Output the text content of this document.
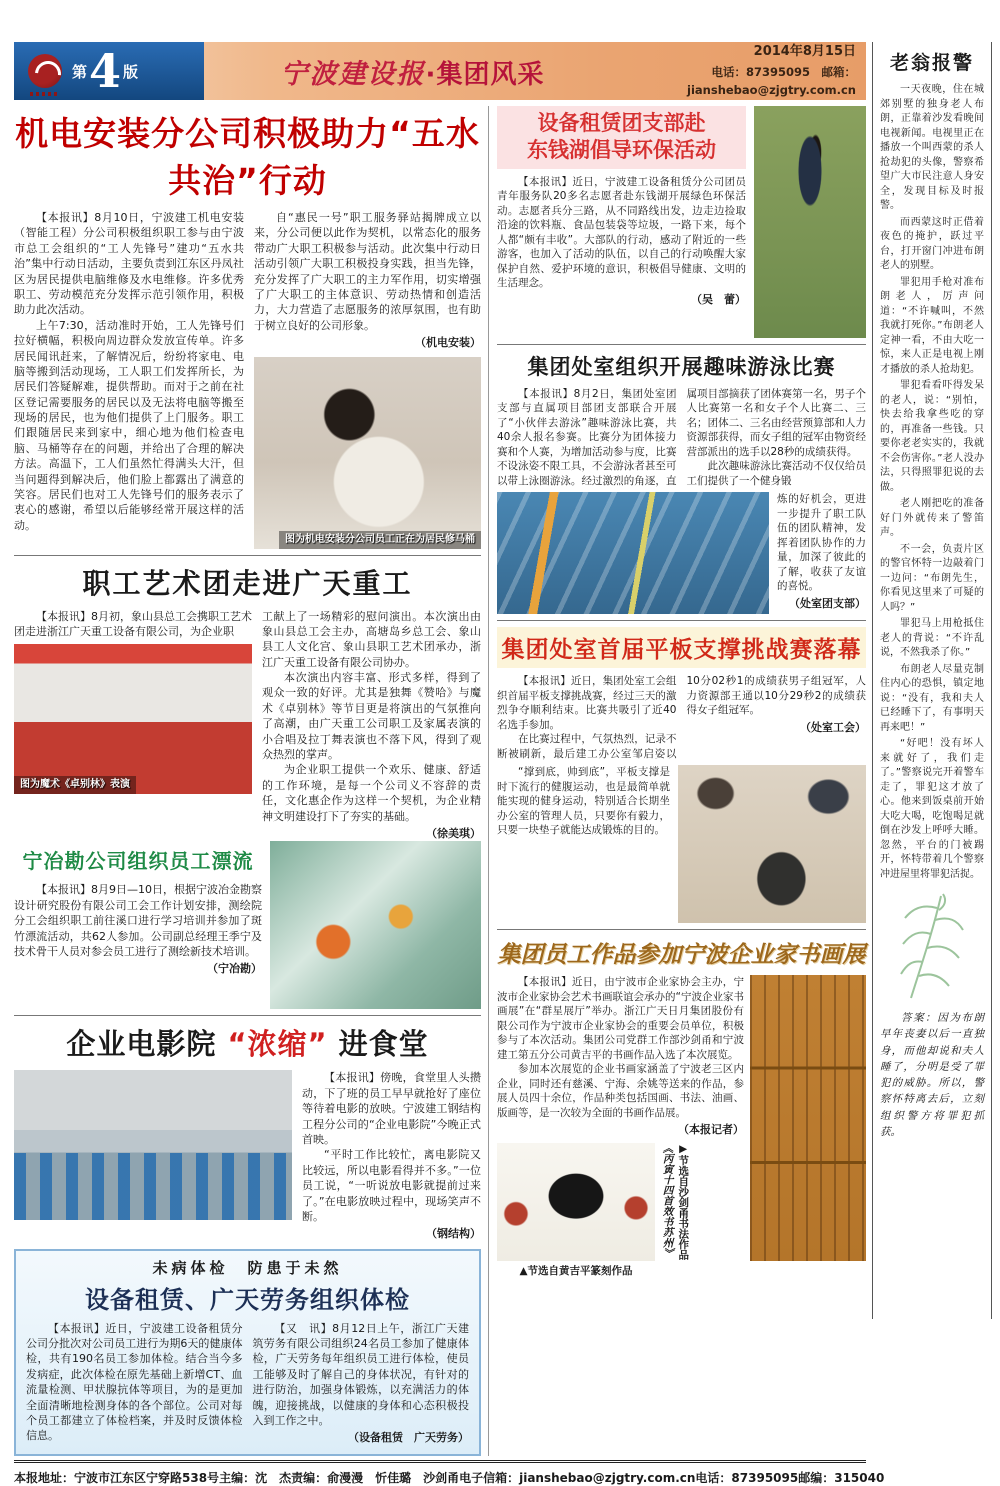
第 4 版	宁波建设报·集团风采
2014年8月15日
电话：87395095　 邮箱：jianshebao@zjgtry.com.cn
机电安装分公司积极助力“五水共治”行动

【本报讯】8月10日，宁波建工机电安装（智能工程）分公司积极组织职工参与由宁波市总工会组织的“工人先锋号”建功“五水共治”集中行动日活动，主要负责到江东区丹凤社区为居民提供电脑维修及水电维修。许多优秀职工、劳动模范充分发挥示范引领作用，积极助力此次活动。

上午7:30，活动准时开始，工人先锋号们拉好横幅，积极向周边群众发放宣传单。许多居民闻讯赶来，了解情况后，纷纷将家电、电脑等搬到活动现场，工人职工们发挥所长，为居民们答疑解难，提供帮助。而对于之前在社区登记需要服务的居民以及无法将电脑等搬至现场的居民，也为他们提供了上门服务。职工们跟随居民来到家中，细心地为他们检查电脑、马桶等存在的问题，并给出了合理的解决方法。高温下，工人们虽然忙得满头大汗，但当问题得到解决后，他们脸上都露出了满意的笑容。居民们也对工人先锋号们的服务表示了衷心的感谢，希望以后能够经常开展这样的活动。

自“惠民一号”职工服务驿站揭牌成立以来，分公司便以此作为契机，以常态化的服务带动广大职工积极参与活动。此次集中行动日活动引领广大职工积极投身实践，担当先锋，充分发挥了广大职工的主力军作用，切实增强了广大职工的主体意识、劳动热情和创造活力，大力营造了志愿服务的浓厚氛围，也有助于树立良好的公司形象。

（机电安装）
图为机电安装分公司员工正在为居民修马桶
职工艺术团走进广天重工

【本报讯】8月初，象山县总工会携职工艺术团走进浙江广天重工设备有限公司，为企业职

图为魔术《卓别林》表演

工献上了一场精彩的慰问演出。本次演出由象山县总工会主办，高塘岛乡总工会、象山县工人文化宫、象山县职工艺术团承办，浙江广天重工设备有限公司协办。

本次演出内容丰富、形式多样，得到了观众一致的好评。尤其是独舞《赞哈》与魔术《卓别林》等节目更是将演出的气氛推向了高潮，由广天重工公司职工及家属表演的小合唱及拉丁舞表演也不落下风，得到了观众热烈的掌声。

为企业职工提供一个欢乐、健康、舒适的工作环境，是每一个公司义不容辞的责任，文化惠企作为这样一个契机，为企业精神文明建设打下了夯实的基础。

（徐美琪）
宁冶勘公司组织员工漂流

【本报讯】8月9日—10日，根据宁波冶金勘察设计研究股份有限公司工会工作计划安排，测绘院分工会组织职工前往溪口进行学习培训并参加了斑竹漂流活动，共62人参加。公司副总经理王季宁及技术骨干人员对参会员工进行了测绘新技术培训。

（宁冶勘）
企业电影院 “浓缩” 进食堂

【本报讯】傍晚，食堂里人头攒动，下了班的员工早早就抢好了座位等待着电影的放映。宁波建工钢结构工程分公司的“企业电影院”今晚正式首映。

“平时工作比较忙，离电影院又比较远，所以电影看得并不多。”一位员工说，“一听说放电影就提前过来了。”在电影放映过程中，现场笑声不断。

（钢结构）

未病体检　防患于未然

设备租赁、广天劳务组织体检

【本报讯】近日，宁波建工设备租赁分公司分批次对公司员工进行为期6天的健康体检，共有190名员工参加体检。结合当今多发病症，此次体检在原先基础上新增CT、血流量检测、甲状腺抗体等项目，为的是更加全面清晰地检测身体的各个部位。公司对每个员工都建立了体检档案，并及时反馈体检信息。

【又　讯】8月12日上午，浙江广天建筑劳务有限公司组织24名员工参加了健康体检，广天劳务每年组织员工进行体检，使员工能够及时了解自己的身体状况，有针对的进行防治，加强身体锻炼，以充满活力的体魄，迎接挑战，以健康的身体和心态积极投入到工作之中。

（设备租赁　广天劳务）
设备租赁团支部赴
东钱湖倡导环保活动

【本报讯】近日，宁波建工设备租赁分公司团员青年服务队20多名志愿者赴东钱湖开展绿色环保活动。志愿者兵分三路，从不同路线出发，边走边捡取沿途的饮料瓶、食品包装袋等垃圾，一路下来，每个人都“颇有丰收”。大部队的行动，感动了附近的一些游客，也加入了活动的队伍，以自己的行动唤醒大家保护自然、爱护环境的意识，积极倡导健康、文明的生活理念。

（吴　蕾）
集团处室组织开展趣味游泳比赛

【本报讯】8月2日，集团处室团支部与直属项目部团支部联合开展了“小伙伴去游泳”趣味游泳比赛，共40余人报名参赛。比赛分为团体接力赛和个人赛，为增加活动参与度，比赛不设泳姿不限工具，不会游泳者甚至可以带上泳圈游泳。经过激烈的角逐，直属项目部摘获了团体赛第一名，男子个人比赛第一名和女子个人比赛二、三名；团体二、三名由经营预算部和人力资源部获得，而女子组的冠军由物资经营部派出的选手以28秒的成绩获得。

此次趣味游泳比赛活动不仅仅给员工们提供了一个健身锻

炼的好机会，更进一步提升了职工队伍的团队精神，发挥着团队协作的力量，加深了彼此的了解，收获了友谊的喜悦。

（处室团支部）
集团处室首届平板支撑挑战赛落幕

【本报讯】近日，集团处室工会组织首届平板支撑挑战赛，经过三天的激烈争夺顺利结束。比赛共吸引了近40名选手参加。

在比赛过程中，气氛热烈，记录不断被刷新，最后建工办公室邹启姿以10分02秒1的成绩获男子组冠军，人力资源部王通以10分29秒2的成绩获得女子组冠军。

（处室工会）

“撑到底，帅到底”，平板支撑是时下流行的健腹运动，也是最简单就能实现的健身运动，特别适合长期坐办公室的管理人员，只要你有毅力，只要一块垫子就能达成锻炼的目的。

集团员工作品参加宁波企业家书画展

【本报讯】近日，由宁波市企业家协会主办，宁波市企业家协会艺术书画联谊会承办的“宁波企业家书画展”在“群星展厅”举办。浙江广天日月集团股份有限公司作为宁波市企业家协会的重要会员单位，积极参与了本次活动。集团公司党群工作部沙剑甬和宁波建工第五分公司黄吉平的书画作品入选了本次展览。

参加本次展览的企业书画家涵盖了宁波老三区内企业，同时还有慈溪、宁海、余姚等送来的作品，参展人员四十余位，作品种类包括国画、书法、油画、版画等，是一次较为全面的书画作品展。

（本报记者）
▲节选自黄吉平篆刻作品
《丙寅十四首效书苏州》 ▶节选自沙剑甬书法作品
本报地址：宁波市江东区宁穿路538号 主编：沈　杰 责编：俞漫漫　忻佳璐　沙剑甬 电子信箱：jianshebao@zjgtry.com.cn 电话：87395095 邮编：315040
老翁报警

一天夜晚，住在城郊别墅的独身老人布朗，正靠着沙发看晚间电视新闻。电视里正在播放一个叫西蒙的杀人抢劫犯的头像，警察希望广大市民注意人身安全，发现目标及时报警。

而西蒙这时正借着夜色的掩护，跃过平台，打开窗门冲进布朗老人的别墅。

罪犯用手枪对准布朗老人，厉声问道：“不许喊叫，不然我就打死你。”布朗老人定神一看，不由大吃一惊，来人正是电视上刚才播放的杀人抢劫犯。

罪犯看看吓得发呆的老人，说：“别怕，快去给我拿些吃的穿的，再准备一些钱。只要你老老实实的，我就不会伤害你。”老人没办法，只得照罪犯说的去做。

老人刚把吃的准备好门外就传来了警笛声。

不一会，负责片区的警官怀特一边敲着门一边问：“布朗先生，你看见这里来了可疑的人吗？”

罪犯马上用枪抵住老人的背说：“不许乱说，不然我杀了你。”

布朗老人尽量克制住内心的恐惧，镇定地说：“没有，我和夫人已经睡下了，有事明天再来吧！”

“好吧！没有坏人来就好了，我们走了。”警察说完开着警车走了，罪犯这才放了心。他来到饭桌前开始大吃大喝，吃饱喝足就倒在沙发上呼呼大睡。忽然，平台的门被踢开，怀特带着几个警察冲进屋里将罪犯活捉。

答案：因为布朗早年丧妻以后一直独身，而他却说和夫人睡了，分明是受了罪犯的威胁。所以，警察怀特离去后，立刻组织警方将罪犯抓获。
